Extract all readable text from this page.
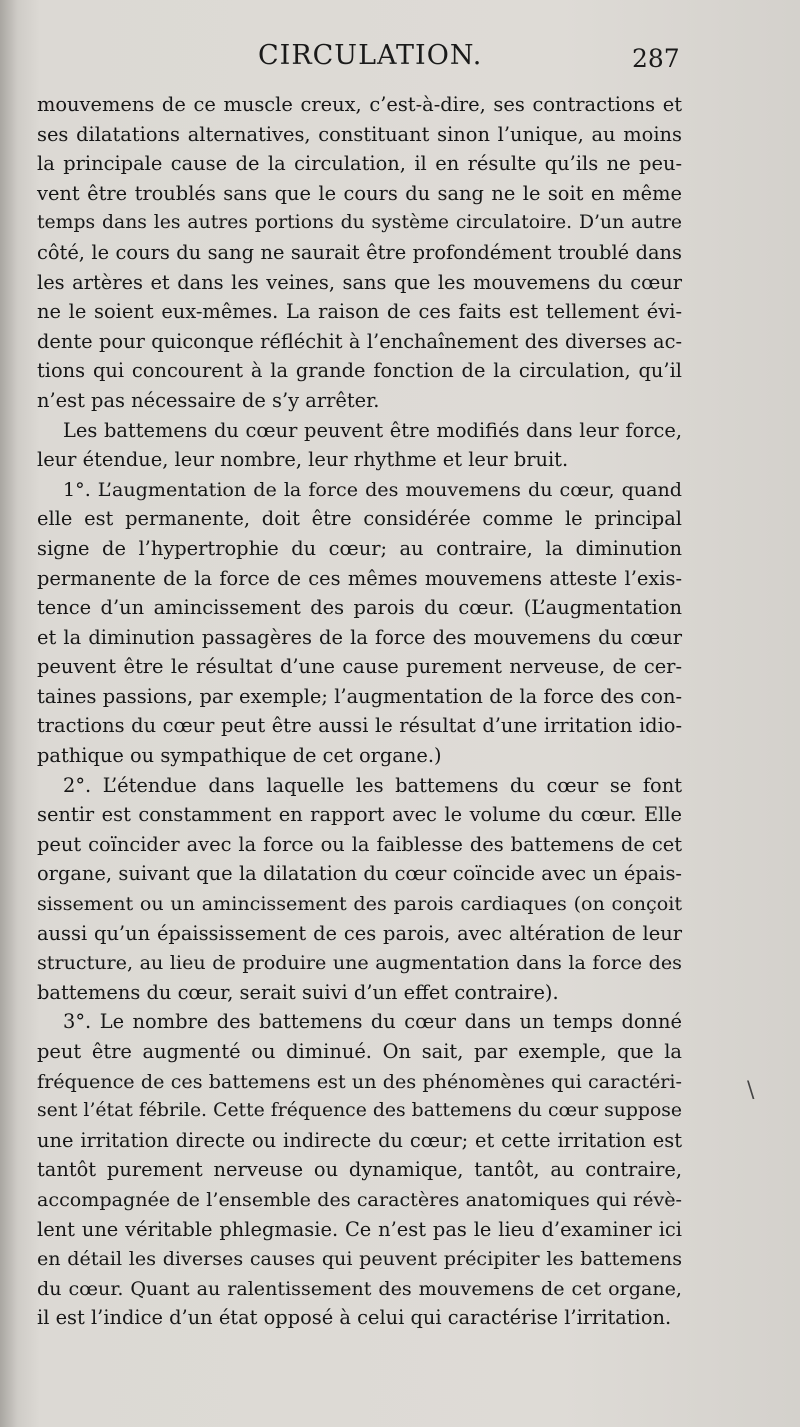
CIRCULATION.	287
mouvemens de ce muscle creux, c’est-à-dire, ses contractions et
ses dilatations alternatives, constituant sinon l’unique, au moins
la principale cause de la circulation, il en résulte qu’ils ne peu-
vent être troublés sans que le cours du sang ne le soit en même
temps dans les autres portions du système circulatoire. D’un autre
côté, le cours du sang ne saurait être profondément troublé dans
les artères et dans les veines, sans que les mouvemens du cœur
ne le soient eux-mêmes. La raison de ces faits est tellement évi-
dente pour quiconque réfléchit à l’enchaînement des diverses ac-
tions qui concourent à la grande fonction de la circulation, qu’il
n’est pas nécessaire de s’y arrêter.
Les battemens du cœur peuvent être modifiés dans leur force,
leur étendue, leur nombre, leur rhythme et leur bruit.
1°. L’augmentation de la force des mouvemens du cœur, quand
elle est permanente, doit être considérée comme le principal
signe de l’hypertrophie du cœur; au contraire, la diminution
permanente de la force de ces mêmes mouvemens atteste l’exis-
tence d’un amincissement des parois du cœur. (L’augmentation
et la diminution passagères de la force des mouvemens du cœur
peuvent être le résultat d’une cause purement nerveuse, de cer-
taines passions, par exemple; l’augmentation de la force des con-
tractions du cœur peut être aussi le résultat d’une irritation idio-
pathique ou sympathique de cet organe.)
2°. L’étendue dans laquelle les battemens du cœur se font
sentir est constamment en rapport avec le volume du cœur. Elle
peut coïncider avec la force ou la faiblesse des battemens de cet
organe, suivant que la dilatation du cœur coïncide avec un épais-
sissement ou un amincissement des parois cardiaques (on conçoit
aussi qu’un épaississement de ces parois, avec altération de leur
structure, au lieu de produire une augmentation dans la force des
battemens du cœur, serait suivi d’un effet contraire).
3°. Le nombre des battemens du cœur dans un temps donné
peut être augmenté ou diminué. On sait, par exemple, que la
fréquence de ces battemens est un des phénomènes qui caractéri-
sent l’état fébrile. Cette fréquence des battemens du cœur suppose
une irritation directe ou indirecte du cœur; et cette irritation est
tantôt purement nerveuse ou dynamique, tantôt, au contraire,
accompagnée de l’ensemble des caractères anatomiques qui révè-
lent une véritable phlegmasie. Ce n’est pas le lieu d’examiner ici
en détail les diverses causes qui peuvent précipiter les battemens
du cœur. Quant au ralentissement des mouvemens de cet organe,
il est l’indice d’un état opposé à celui qui caractérise l’irritation.
\
